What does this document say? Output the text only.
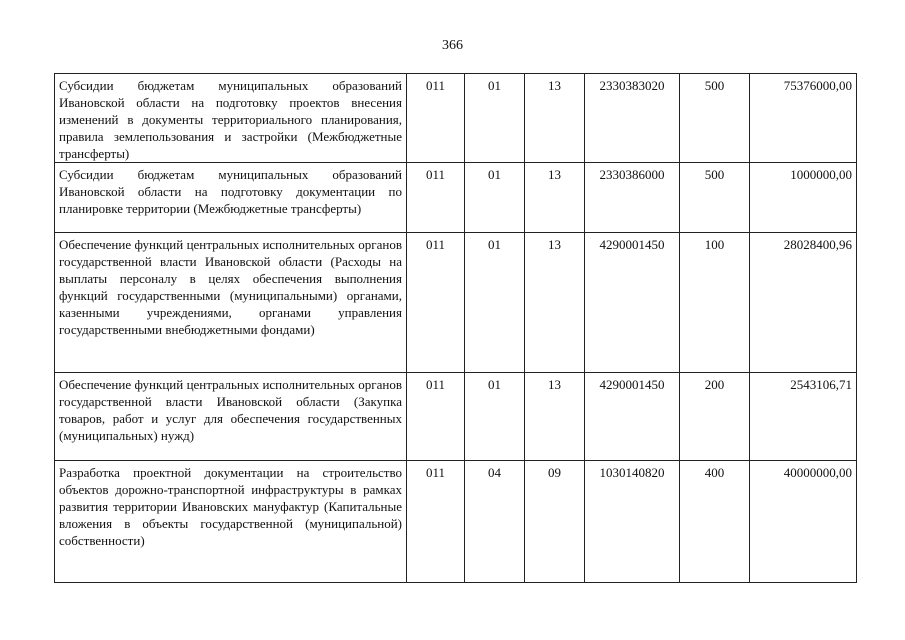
366
Субсидии бюджетам муниципальных образований Ивановской области на подготовку проектов внесения изменений в документы территориального планирования, правила землепользования и застройки (Межбюджетные трансферты)	011	01	13	2330383020	500	75376000,00
Субсидии бюджетам муниципальных образований Ивановской области на подготовку документации по планировке территории (Межбюджетные трансферты)	011	01	13	2330386000	500	1000000,00
Обеспечение функций центральных исполнительных органов государственной власти Ивановской области (Расходы на выплаты персоналу в целях обеспечения выполнения функций государственными (муниципальными) органами, казенными учреждениями, органами управления государственными внебюджетными фондами)	011	01	13	4290001450	100	28028400,96
Обеспечение функций центральных исполнительных органов государственной власти Ивановской области (Закупка товаров, работ и услуг для обеспечения государственных (муниципальных) нужд)	011	01	13	4290001450	200	2543106,71
Разработка проектной документации на строительство объектов дорожно-транспортной инфраструктуры в рамках развития территории Ивановских мануфактур (Капитальные вложения в объекты государственной (муниципальной) собственности)	011	04	09	1030140820	400	40000000,00
